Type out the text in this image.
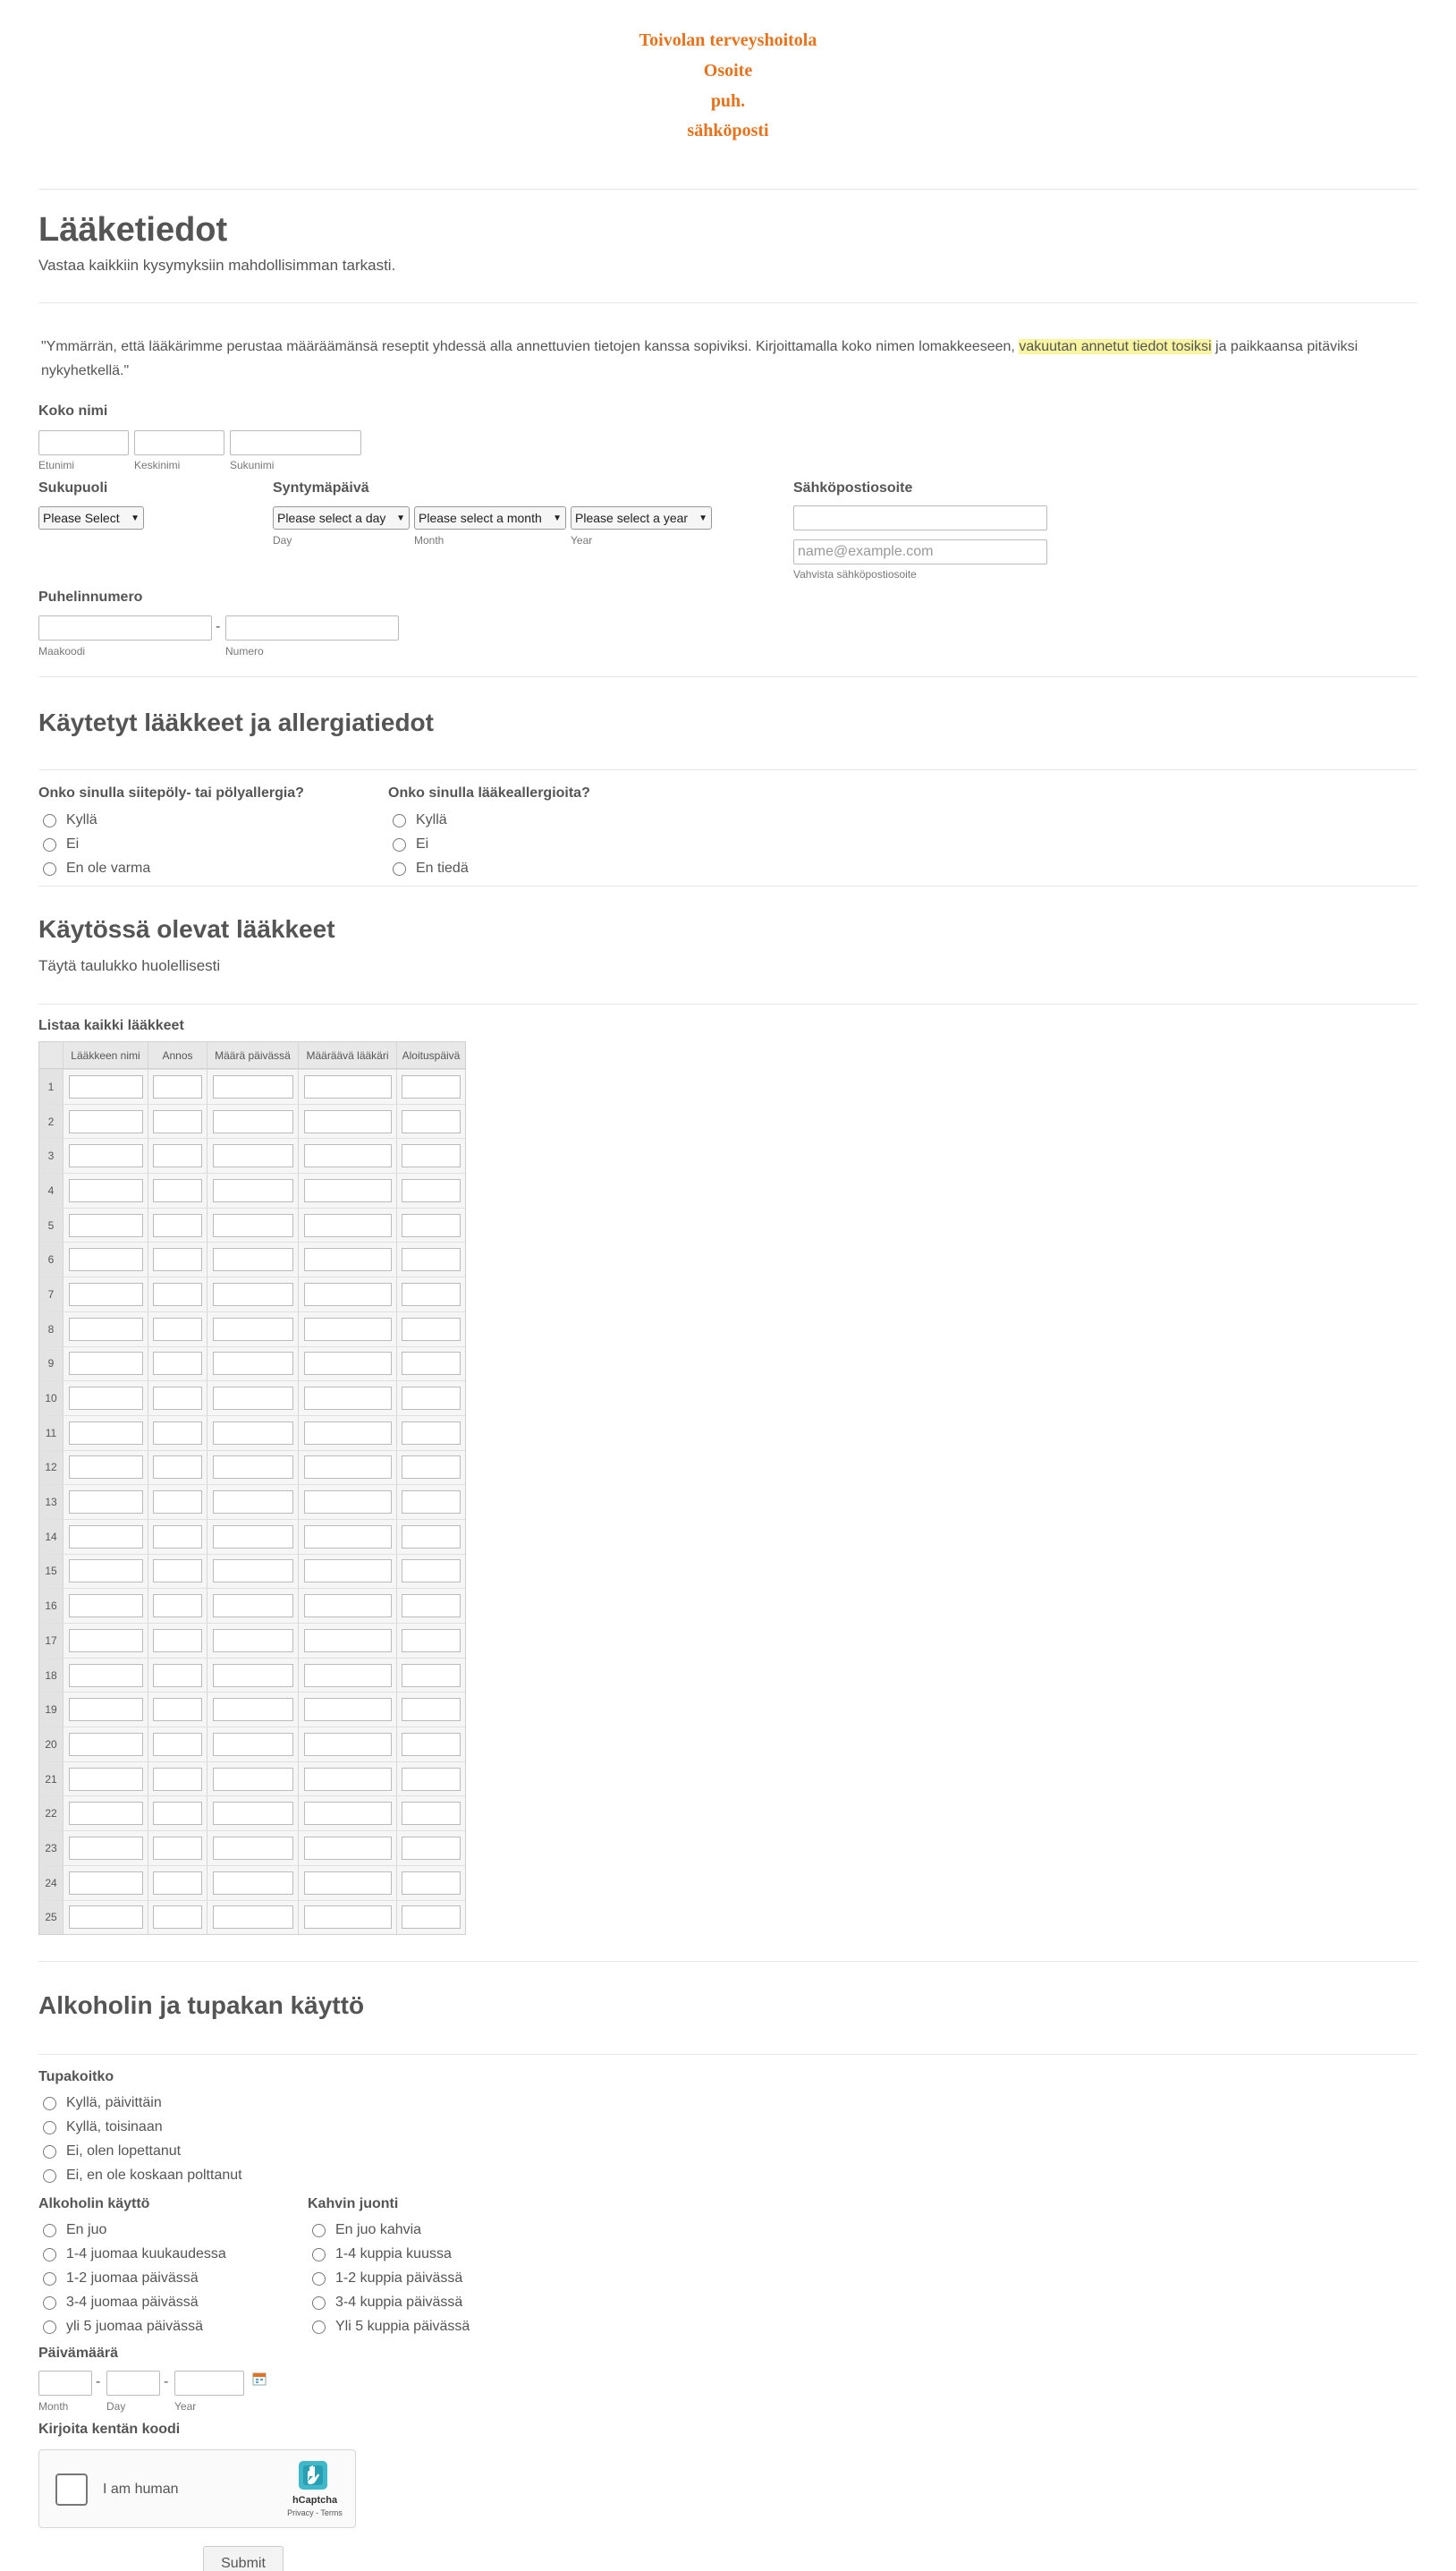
Toivolan terveyshoitola
Osoite
puh.
sähköposti
Lääketiedot
Vastaa kaikkiin kysymyksiin mahdollisimman tarkasti.
"Ymmärrän, että lääkärimme perustaa määräämänsä reseptit yhdessä alla annettuvien tietojen kanssa sopiviksi. Kirjoittamalla koko nimen lomakkeeseen, vakuutan annetut tiedot tosiksi ja paikkaansa pitäviksi nykyhetkellä."
Koko nimi
Etunimi	Keskinimi	Sukunimi
Sukupuoli
Please Select ▼
Syntymäpäivä
Please select a day ▼ Please select a month ▼ Please select a year ▼
Day	Month	Year
Sähköpostiosoite
name@example.com
Vahvista sähköpostiosoite
Puhelinnumero
-
Maakoodi	Numero
Käytetyt lääkkeet ja allergiatiedot
Onko sinulla siitepöly- tai pölyallergia?
Kyllä
Ei
En ole varma
Onko sinulla lääkeallergioita?
Kyllä
Ei
En tiedä
Käytössä olevat lääkkeet
Täytä taulukko huolellisesti
Listaa kaikki lääkkeet
Lääkkeen nimi	Annos	Määrä päivässä	Määräävä lääkäri	Aloituspäivä
1
2
3
4
5
6
7
8
9
10
11
12
13
14
15
16
17
18
19
20
21
22
23
24
25
Alkoholin ja tupakan käyttö
Tupakoitko
Kyllä, päivittäin
Kyllä, toisinaan
Ei, olen lopettanut
Ei, en ole koskaan polttanut
Alkoholin käyttö
En juo
1-4 juomaa kuukaudessa
1-2 juomaa päivässä
3-4 juomaa päivässä
yli 5 juomaa päivässä
Kahvin juonti
En juo kahvia
1-4 kuppia kuussa
1-2 kuppia päivässä
3-4 kuppia päivässä
Yli 5 kuppia päivässä
Päivämäärä
-	-
Month	Day	Year
Kirjoita kentän koodi
I am human
hCaptcha
Privacy - Terms
Submit
